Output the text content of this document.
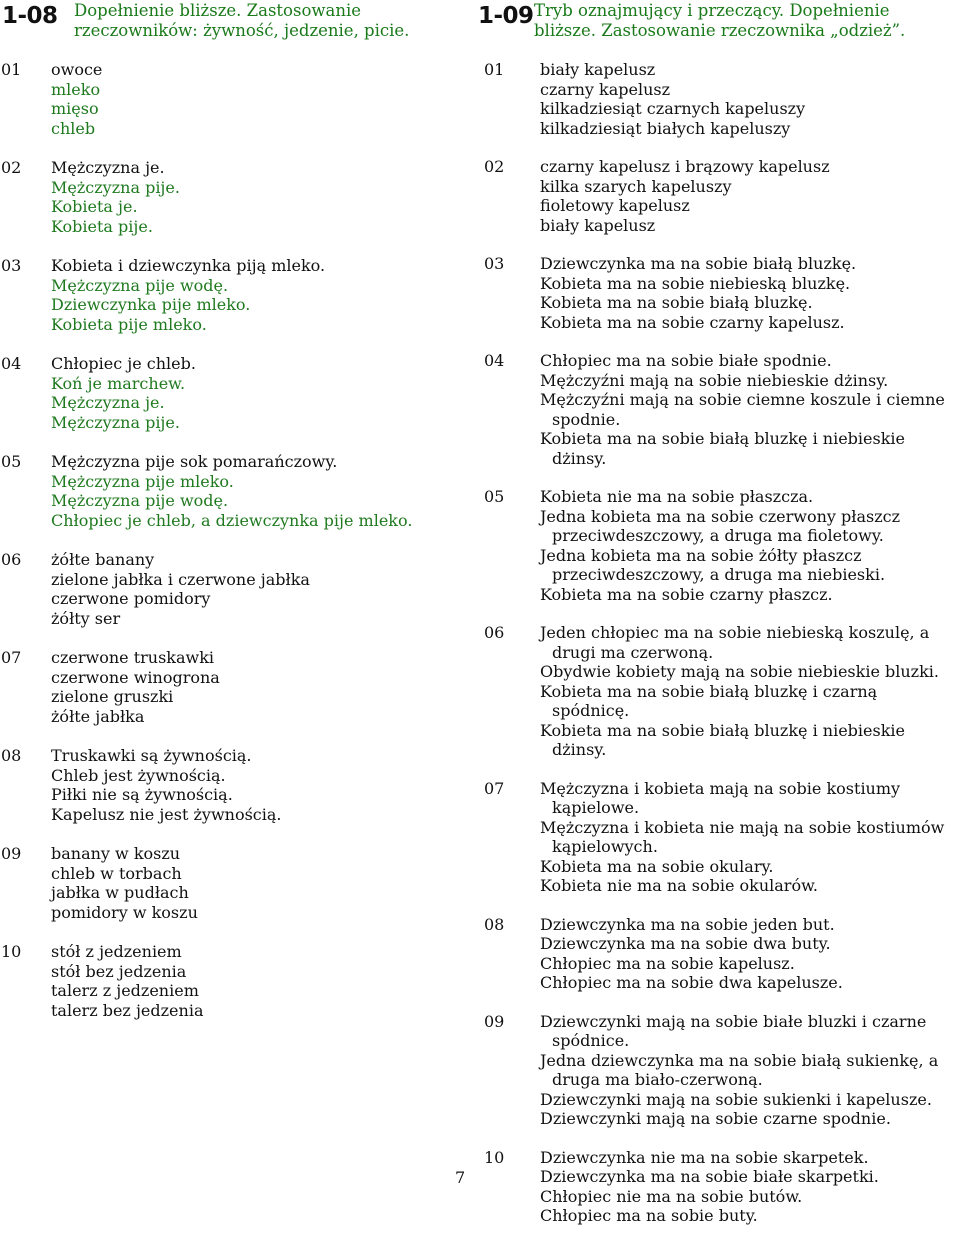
1-08 Dopełnienie bliższe. Zastosowanie
rzeczowników: żywność, jedzenie, picie.
01	owoce
mleko
mięso
chleb
02	Mężczyzna je.
Mężczyzna pije.
Kobieta je.
Kobieta pije.
03	Kobieta i dziewczynka piją mleko.
Mężczyzna pije wodę.
Dziewczynka pije mleko.
Kobieta pije mleko.
04	Chłopiec je chleb.
Koń je marchew.
Mężczyzna je.
Mężczyzna pije.
05	Mężczyzna pije sok pomarańczowy.
Mężczyzna pije mleko.
Mężczyzna pije wodę.
Chłopiec je chleb, a dziewczynka pije mleko.
06	żółte banany
zielone jabłka i czerwone jabłka
czerwone pomidory
żółty ser
07	czerwone truskawki
czerwone winogrona
zielone gruszki
żółte jabłka
08	Truskawki są żywnością.
Chleb jest żywnością.
Piłki nie są żywnością.
Kapelusz nie jest żywnością.
09	banany w koszu
chleb w torbach
jabłka w pudłach
pomidory w koszu
10	stół z jedzeniem
stół bez jedzenia
talerz z jedzeniem
talerz bez jedzenia
1-09 Tryb oznajmujący i przeczący. Dopełnienie
bliższe. Zastosowanie rzeczownika „odzież”.
01	biały kapelusz
czarny kapelusz
kilkadziesiąt czarnych kapeluszy
kilkadziesiąt białych kapeluszy
02	czarny kapelusz i brązowy kapelusz
kilka szarych kapeluszy
fioletowy kapelusz
biały kapelusz
03	Dziewczynka ma na sobie białą bluzkę.
Kobieta ma na sobie niebieską bluzkę.
Kobieta ma na sobie białą bluzkę.
Kobieta ma na sobie czarny kapelusz.
04	Chłopiec ma na sobie białe spodnie.
Mężczyźni mają na sobie niebieskie dżinsy.
Mężczyźni mają na sobie ciemne koszule i ciemne spodnie.
Kobieta ma na sobie białą bluzkę i niebieskie dżinsy.
05	Kobieta nie ma na sobie płaszcza.
Jedna kobieta ma na sobie czerwony płaszcz przeciwdeszczowy, a druga ma fioletowy.
Jedna kobieta ma na sobie żółty płaszcz przeciwdeszczowy, a druga ma niebieski.
Kobieta ma na sobie czarny płaszcz.
06	Jeden chłopiec ma na sobie niebieską koszulę, a drugi ma czerwoną.
Obydwie kobiety mają na sobie niebieskie bluzki.
Kobieta ma na sobie białą bluzkę i czarną spódnicę.
Kobieta ma na sobie białą bluzkę i niebieskie dżinsy.
07	Mężczyzna i kobieta mają na sobie kostiumy kąpielowe.
Mężczyzna i kobieta nie mają na sobie kostiumów kąpielowych.
Kobieta ma na sobie okulary.
Kobieta nie ma na sobie okularów.
08	Dziewczynka ma na sobie jeden but.
Dziewczynka ma na sobie dwa buty.
Chłopiec ma na sobie kapelusz.
Chłopiec ma na sobie dwa kapelusze.
09	Dziewczynki mają na sobie białe bluzki i czarne spódnice.
Jedna dziewczynka ma na sobie białą sukienkę, a druga ma biało-czerwoną.
Dziewczynki mają na sobie sukienki i kapelusze.
Dziewczynki mają na sobie czarne spodnie.
10	Dziewczynka nie ma na sobie skarpetek.
Dziewczynka ma na sobie białe skarpetki.
Chłopiec nie ma na sobie butów.
Chłopiec ma na sobie buty.
7
